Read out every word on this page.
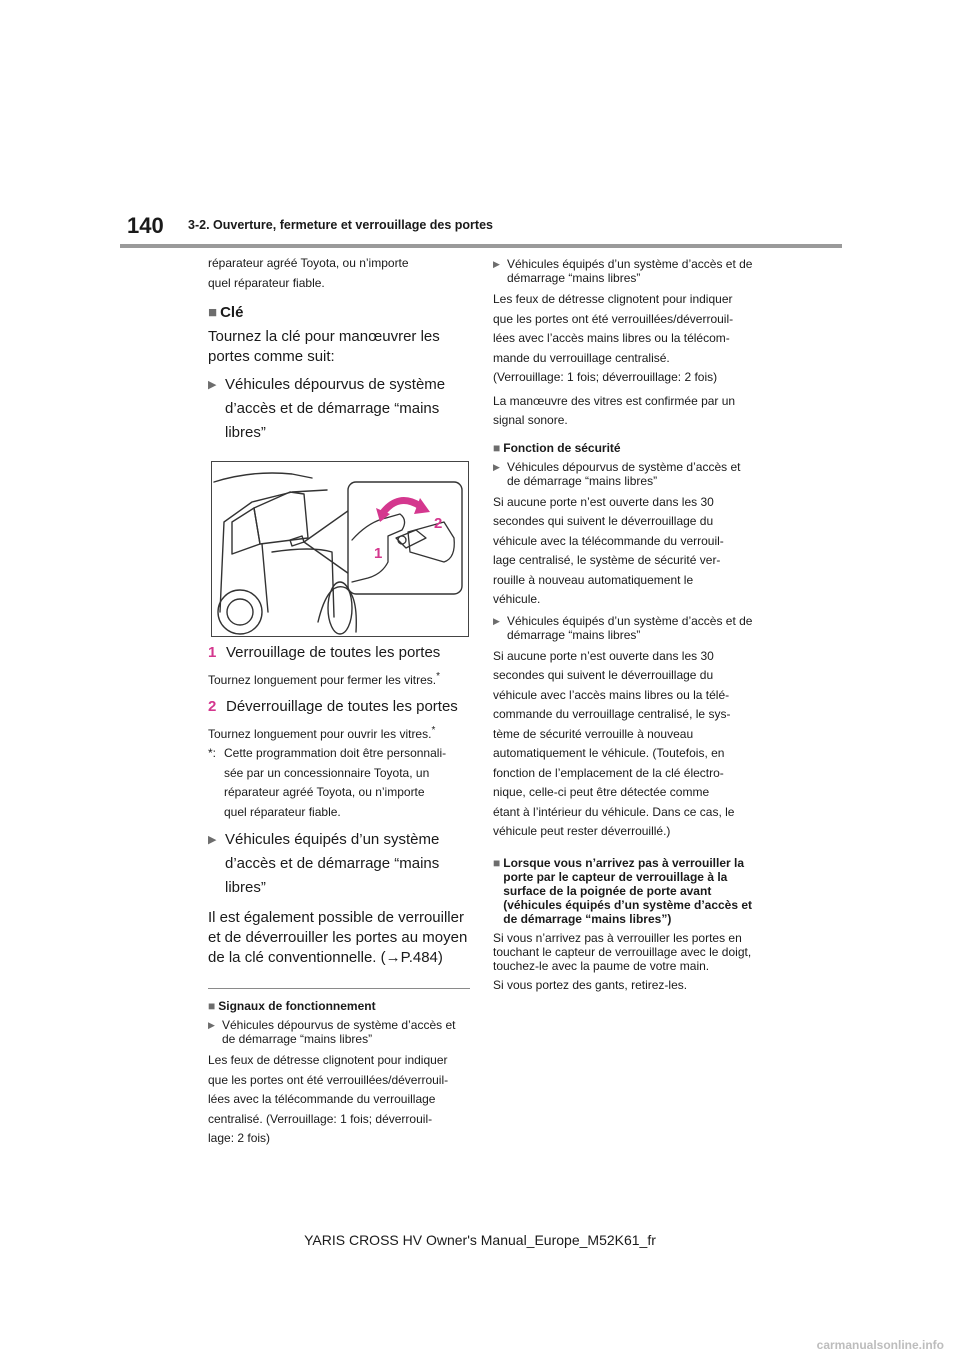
140 3-2. Ouverture, fermeture et verrouillage des portes

réparateur agréé Toyota, ou n’importe
quel réparateur fiable.

■ Clé

Tournez la clé pour manœuvrer les portes comme suit:

▶ Véhicules dépourvus de système d’accès et de démarrage “mains libres”
2
1
1 Verrouillage de toutes les portes

Tournez longuement pour fermer les vitres.*

2 Déverrouillage de toutes les portes

Tournez longuement pour ouvrir les vitres.*

*: Cette programmation doit être personnali-
sée par un concessionnaire Toyota, un
réparateur agréé Toyota, ou n’importe
quel réparateur fiable.
▶ Véhicules équipés d’un système d’accès et de démarrage “mains libres”

Il est également possible de verrouiller et de déverrouiller les portes au moyen de la clé conventionnelle. (→P.484)

■ Signaux de fonctionnement
▶ Véhicules dépourvus de système d’accès et de démarrage “mains libres”

Les feux de détresse clignotent pour indiquer
que les portes ont été verrouillées/déverrouil-
lées avec la télécommande du verrouillage
centralisé. (Verrouillage: 1 fois; déverrouil-
lage: 2 fois)

▶ Véhicules équipés d’un système d’accès et de démarrage “mains libres”

Les feux de détresse clignotent pour indiquer
que les portes ont été verrouillées/déverrouil-
lées avec l’accès mains libres ou la télécom-
mande du verrouillage centralisé.
(Verrouillage: 1 fois; déverrouillage: 2 fois)

La manœuvre des vitres est confirmée par un
signal sonore.

■ Fonction de sécurité
▶ Véhicules dépourvus de système d’accès et de démarrage “mains libres”

Si aucune porte n’est ouverte dans les 30
secondes qui suivent le déverrouillage du
véhicule avec la télécommande du verrouil-
lage centralisé, le système de sécurité ver-
rouille à nouveau automatiquement le
véhicule.

▶ Véhicules équipés d’un système d’accès et de démarrage “mains libres”

Si aucune porte n’est ouverte dans les 30
secondes qui suivent le déverrouillage du
véhicule avec l’accès mains libres ou la télé-
commande du verrouillage centralisé, le sys-
tème de sécurité verrouille à nouveau
automatiquement le véhicule. (Toutefois, en
fonction de l’emplacement de la clé électro-
nique, celle-ci peut être détectée comme
étant à l’intérieur du véhicule. Dans ce cas, le
véhicule peut rester déverrouillé.)

■ Lorsque vous n’arrivez pas à verrouiller la porte par le capteur de verrouillage à la surface de la poignée de porte avant (véhicules équipés d’un système d’accès et de démarrage “mains libres”)

Si vous n’arrivez pas à verrouiller les portes en touchant le capteur de verrouillage avec le doigt, touchez-le avec la paume de votre main.

Si vous portez des gants, retirez-les.

YARIS CROSS HV Owner's Manual_Europe_M52K61_fr
carmanualsonline.info
